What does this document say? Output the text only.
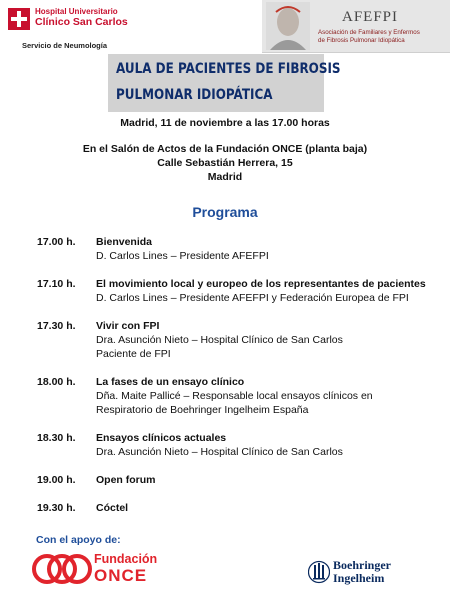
Hospital Universitario
Clínico San Carlos
Servicio de Neumología
AFEFPI
Asociación de Familiares y Enfermos
de Fibrosis Pulmonar Idiopática
AULA DE PACIENTES DE FIBROSIS
PULMONAR IDIOPÁTICA
Madrid, 11 de noviembre a las 17.00 horas
En el Salón de Actos de la Fundación ONCE (planta baja)
Calle Sebastián Herrera, 15
Madrid
Programa
17.00 h. Bienvenida
D. Carlos Lines – Presidente AFEFPI
17.10 h. El movimiento local y europeo de los representantes de pacientes
D. Carlos Lines – Presidente AFEFPI y Federación Europea de FPI
17.30 h. Vivir con FPI
Dra. Asunción Nieto – Hospital Clínico de San Carlos
Paciente de FPI
18.00 h. La fases de un ensayo clínico
Dña. Maite Pallicé – Responsable local ensayos clínicos en
Respiratorio de Boehringer Ingelheim España
18.30 h. Ensayos clínicos actuales
Dra. Asunción Nieto – Hospital Clínico de San Carlos
19.00 h. Open forum
19.30 h. Cóctel
Con el apoyo de:
Fundación
ONCE
Boehringer
Ingelheim
